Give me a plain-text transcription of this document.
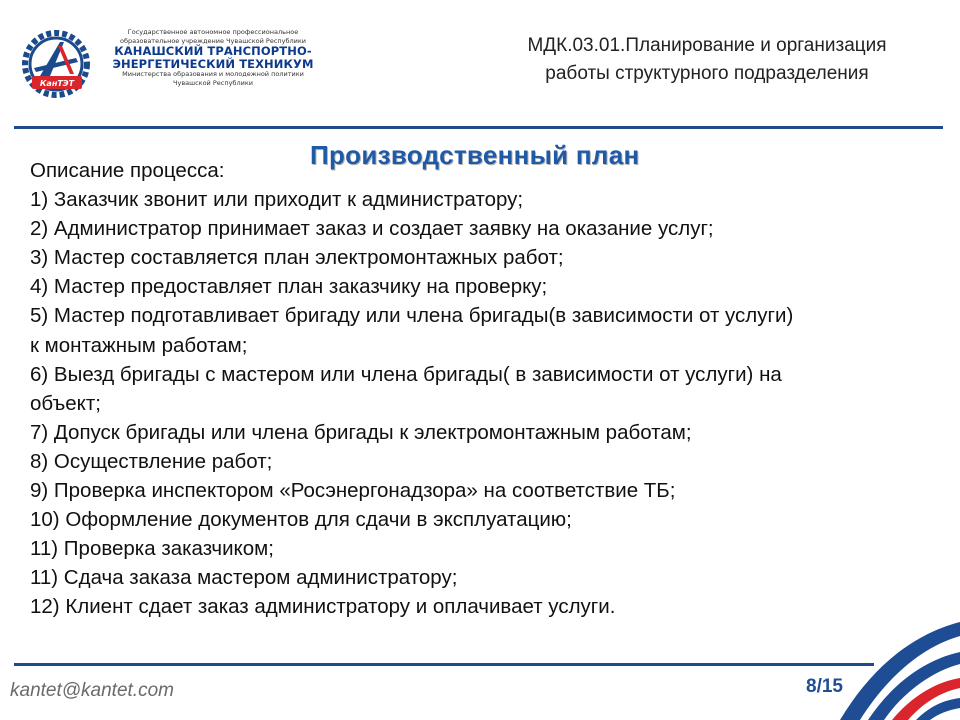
КанТЭТ
Государственное автономное профессиональное
образовательное учреждение Чувашской Республики
КАНАШСКИЙ ТРАНСПОРТНО-
ЭНЕРГЕТИЧЕСКИЙ ТЕХНИКУМ
Министерства образования и молодежной политики
Чувашской Республики
МДК.03.01.Планирование и организация
работы структурного подразделения
Производственный план
Описание процесса:
1) Заказчик звонит или приходит к администратору;
2) Администратор принимает заказ и создает заявку на оказание услуг;
3) Мастер составляется план электромонтажных работ;
4) Мастер предоставляет план заказчику на проверку;
5) Мастер подготавливает бригаду или члена бригады(в зависимости от услуги)
к монтажным работам;
6) Выезд бригады с мастером или члена бригады( в зависимости от услуги) на
объект;
7) Допуск бригады или члена бригады к электромонтажным работам;
8) Осуществление работ;
9) Проверка инспектором «Росэнергонадзора» на соответствие ТБ;
10) Оформление документов для сдачи в эксплуатацию;
11) Проверка заказчиком;
11) Сдача заказа мастером администратору;
12) Клиент сдает заказ администратору и оплачивает услуги.
kantet@kantet.com	8/15
